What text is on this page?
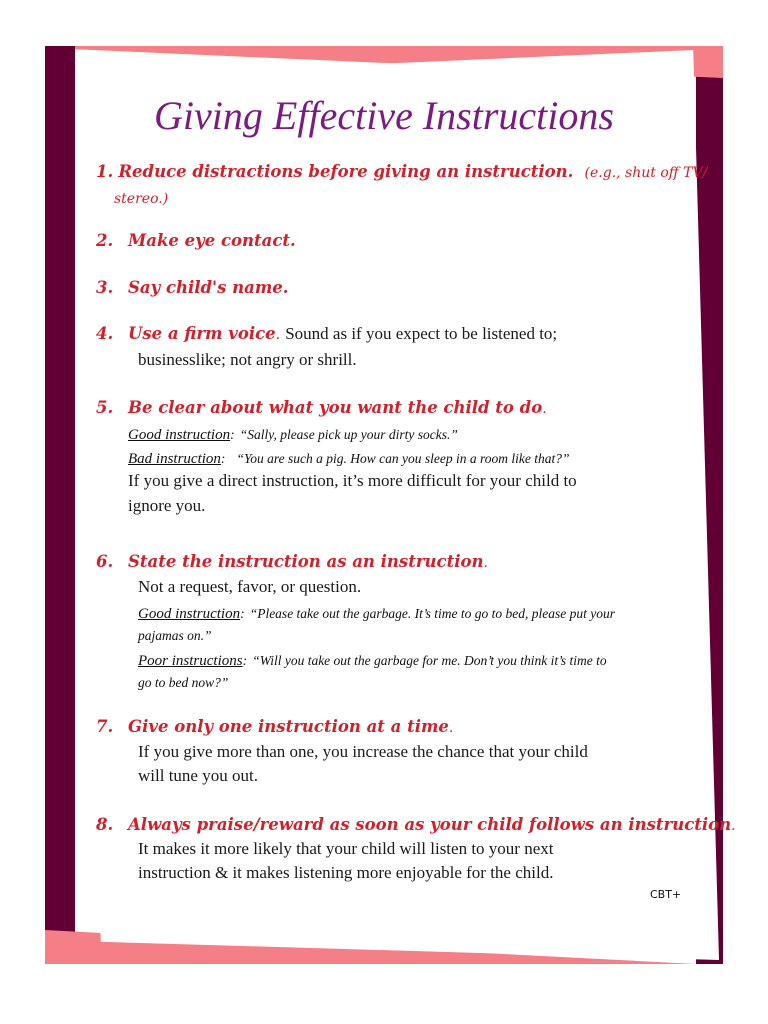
Giving Effective Instructions
1. Reduce distractions before giving an instruction. (e.g., shut off TV/
stereo.)
2. Make eye contact.
3. Say child's name.
4. Use a firm voice. Sound as if you expect to be listened to;
businesslike; not angry or shrill.
5. Be clear about what you want the child to do.
Good instruction: “Sally, please pick up your dirty socks.”
Bad instruction: “You are such a pig. How can you sleep in a room like that?”
If you give a direct instruction, it’s more difficult for your child to
ignore you.
6. State the instruction as an instruction.
Not a request, favor, or question.
Good instruction: “Please take out the garbage. It’s time to go to bed, please put your
pajamas on.”
Poor instructions: “Will you take out the garbage for me. Don’t you think it’s time to
go to bed now?”
7. Give only one instruction at a time.
If you give more than one, you increase the chance that your child
will tune you out.
8. Always praise/reward as soon as your child follows an instruction.
It makes it more likely that your child will listen to your next
instruction & it makes listening more enjoyable for the child.
CBT+
